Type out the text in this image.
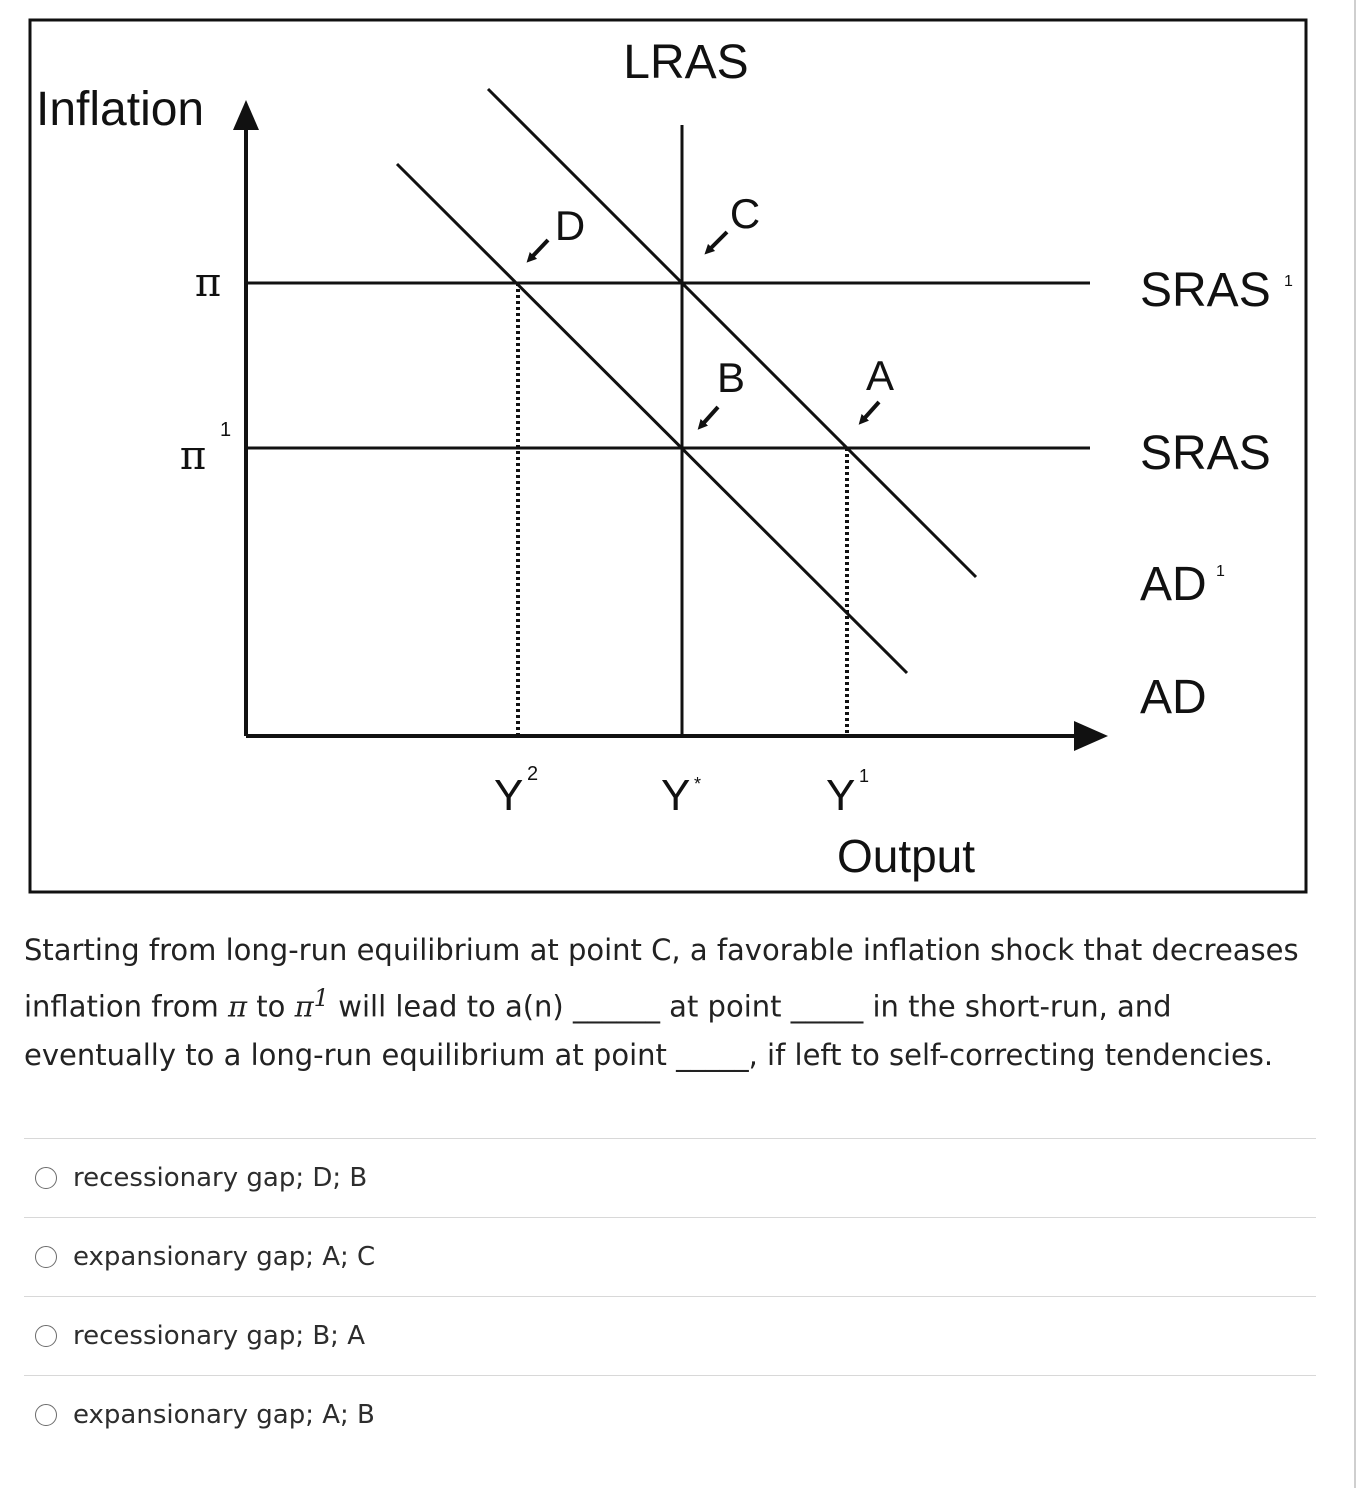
LRAS
Inflation
SRAS 1
SRAS
AD 1
AD
π
π
1
Y 2	Y *	Y 1
Output
D	C
B	A
Starting from long-run equilibrium at point C, a favorable inflation shock that decreases inflation from π to $\pi^1$ will lead to a(n) ______ at point _____ in the short-run, and eventually to a long-run equilibrium at point _____, if left to self-correcting tendencies.
recessionary gap; D; B
expansionary gap; A; C
recessionary gap; B; A
expansionary gap; A; B
